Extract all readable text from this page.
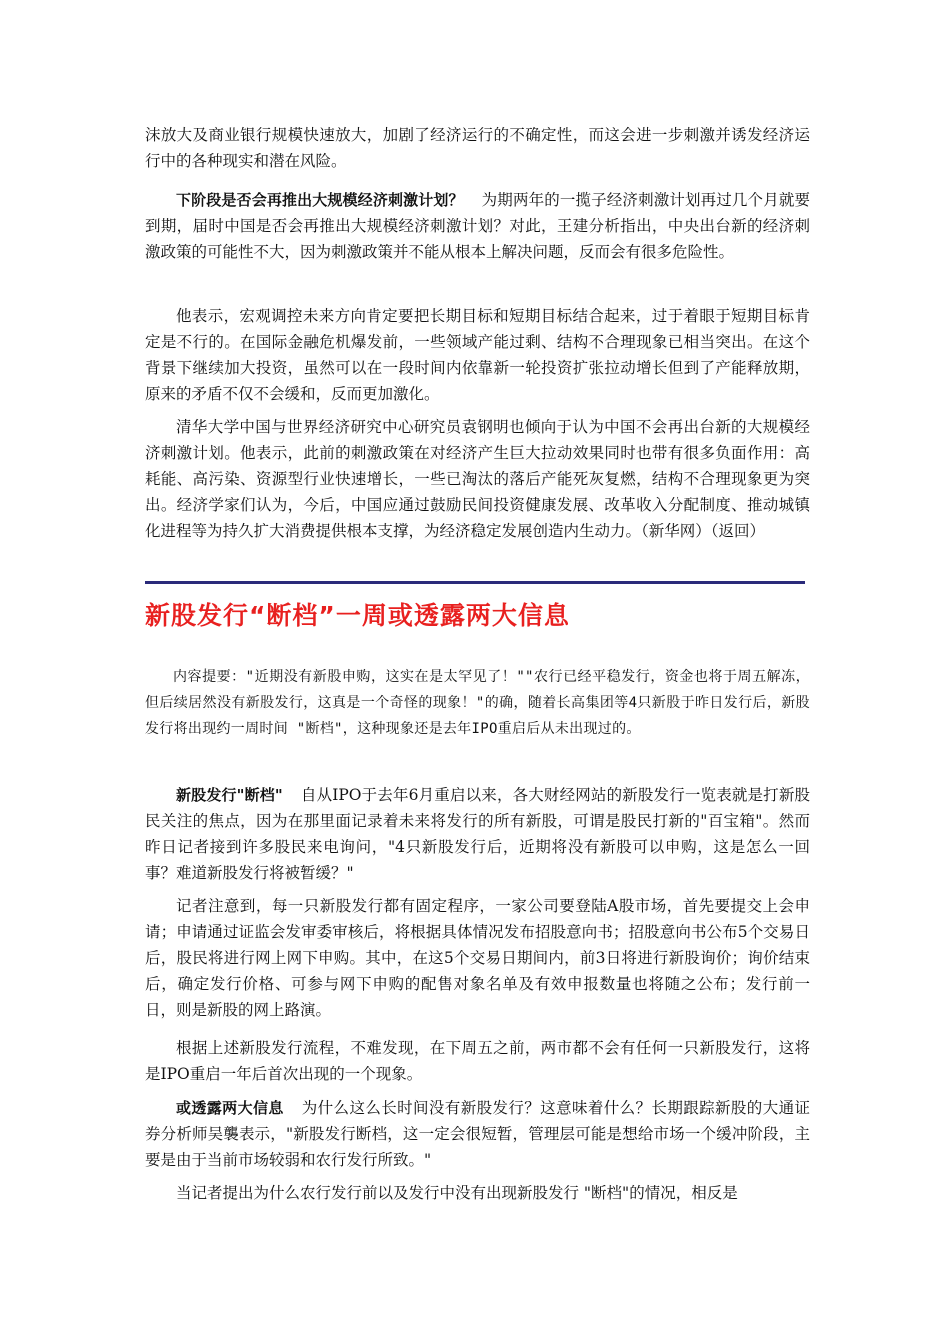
沫放大及商业银行规模快速放大，加剧了经济运行的不确定性，而这会进一步刺激并诱发经济运行中的各种现实和潜在风险。

下阶段是否会再推出大规模经济刺激计划？ 为期两年的一揽子经济刺激计划再过几个月就要到期，届时中国是否会再推出大规模经济刺激计划？对此，王建分析指出，中央出台新的经济刺激政策的可能性不大，因为刺激政策并不能从根本上解决问题，反而会有很多危险性。

他表示，宏观调控未来方向肯定要把长期目标和短期目标结合起来，过于着眼于短期目标肯定是不行的。在国际金融危机爆发前，一些领域产能过剩、结构不合理现象已相当突出。在这个背景下继续加大投资，虽然可以在一段时间内依靠新一轮投资扩张拉动增长但到了产能释放期，原来的矛盾不仅不会缓和，反而更加激化。

清华大学中国与世界经济研究中心研究员袁钢明也倾向于认为中国不会再出台新的大规模经济刺激计划。他表示，此前的刺激政策在对经济产生巨大拉动效果同时也带有很多负面作用：高耗能、高污染、资源型行业快速增长，一些已淘汰的落后产能死灰复燃，结构不合理现象更为突出。经济学家们认为，今后，中国应通过鼓励民间投资健康发展、改革收入分配制度、推动城镇化进程等为持久扩大消费提供根本支撑，为经济稳定发展创造内生动力。（新华网）（返回）

新股发行“断档”一周或透露两大信息

内容提要："近期没有新股申购，这实在是太罕见了！""农行已经平稳发行，资金也将于周五解冻，但后续居然没有新股发行，这真是一个奇怪的现象！"的确，随着长高集团等4只新股于昨日发行后，新股发行将出现约一周时间 "断档"，这种现象还是去年IPO重启后从未出现过的。

新股发行"断档" 自从IPO于去年6月重启以来，各大财经网站的新股发行一览表就是打新股民关注的焦点，因为在那里面记录着未来将发行的所有新股，可谓是股民打新的"百宝箱"。然而昨日记者接到许多股民来电询问，"4只新股发行后，近期将没有新股可以申购，这是怎么一回事？难道新股发行将被暂缓？"

记者注意到，每一只新股发行都有固定程序，一家公司要登陆A股市场，首先要提交上会申请；申请通过证监会发审委审核后，将根据具体情况发布招股意向书；招股意向书公布5个交易日后，股民将进行网上网下申购。其中，在这5个交易日期间内，前3日将进行新股询价；询价结束后，确定发行价格、可参与网下申购的配售对象名单及有效申报数量也将随之公布；发行前一日，则是新股的网上路演。

根据上述新股发行流程，不难发现，在下周五之前，两市都不会有任何一只新股发行，这将是IPO重启一年后首次出现的一个现象。

或透露两大信息 为什么这么长时间没有新股发行？这意味着什么？长期跟踪新股的大通证券分析师吴襲表示，"新股发行断档，这一定会很短暂，管理层可能是想给市场一个缓冲阶段，主要是由于当前市场较弱和农行发行所致。"

当记者提出为什么农行发行前以及发行中没有出现新股发行 "断档"的情况，相反是
